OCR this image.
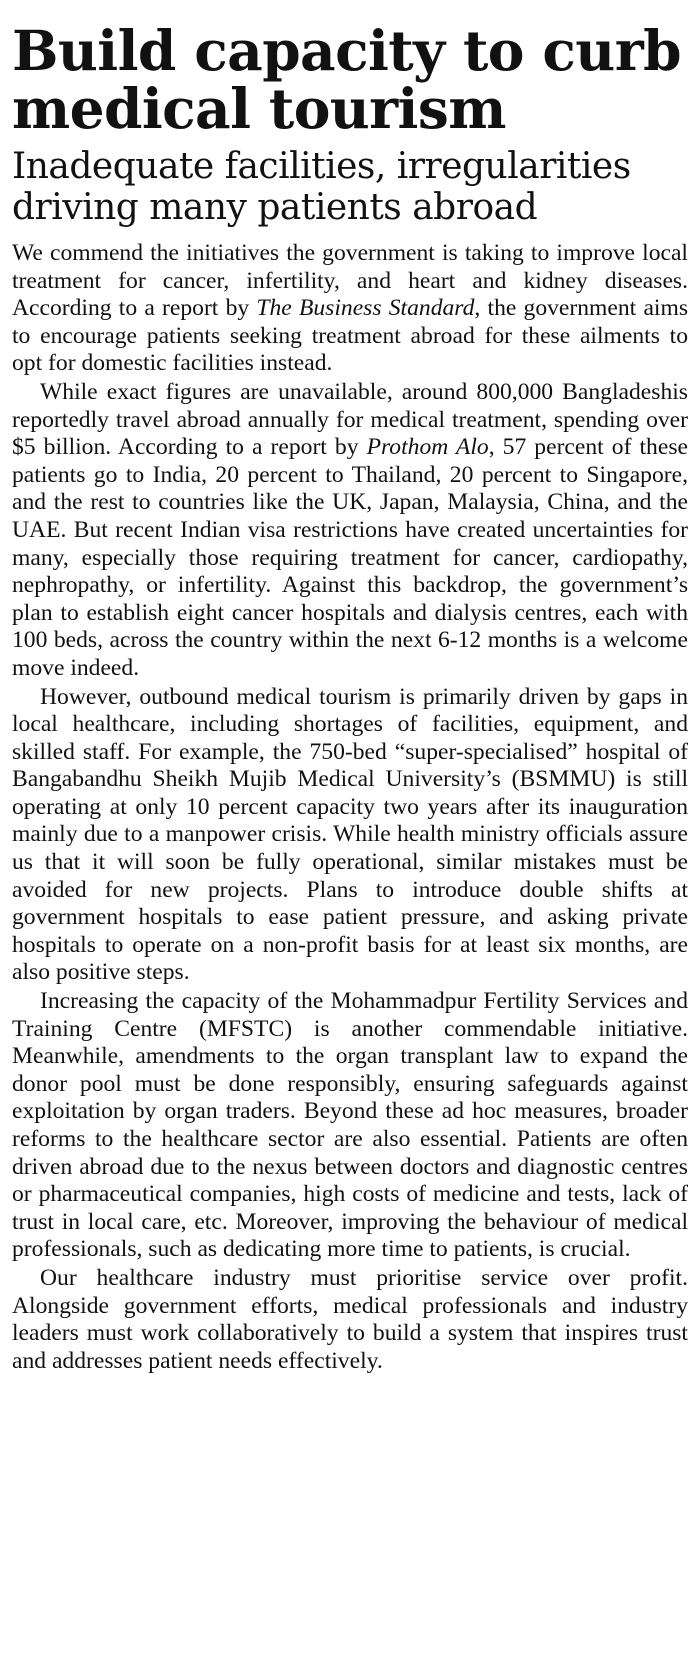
Build capacity to curb medical tourism
Inadequate facilities, irregularities driving many patients abroad

We commend the initiatives the government is taking to improve local treatment for cancer, infertility, and heart and kidney diseases. According to a report by The Business Standard, the government aims to encourage patients seeking treatment abroad for these ailments to opt for domestic facilities instead.

While exact figures are unavailable, around 800,000 Bangladeshis reportedly travel abroad annually for medical treatment, spending over $5 billion. According to a report by Prothom Alo, 57 percent of these patients go to India, 20 percent to Thailand, 20 percent to Singapore, and the rest to countries like the UK, Japan, Malaysia, China, and the UAE. But recent Indian visa restrictions have created uncertainties for many, especially those requiring treatment for cancer, cardiopathy, nephropathy, or infertility. Against this backdrop, the government’s plan to establish eight cancer hospitals and dialysis centres, each with 100 beds, across the country within the next 6-12 months is a welcome move indeed.

However, outbound medical tourism is primarily driven by gaps in local healthcare, including shortages of facilities, equipment, and skilled staff. For example, the 750-bed “super-specialised” hospital of Bangabandhu Sheikh Mujib Medical University’s (BSMMU) is still operating at only 10 percent capacity two years after its inauguration mainly due to a manpower crisis. While health ministry officials assure us that it will soon be fully operational, similar mistakes must be avoided for new projects. Plans to introduce double shifts at government hospitals to ease patient pressure, and asking private hospitals to operate on a non-profit basis for at least six months, are also positive steps.

Increasing the capacity of the Mohammadpur Fertility Services and Training Centre (MFSTC) is another commendable initiative. Meanwhile, amendments to the organ transplant law to expand the donor pool must be done responsibly, ensuring safeguards against exploitation by organ traders. Beyond these ad hoc measures, broader reforms to the healthcare sector are also essential. Patients are often driven abroad due to the nexus between doctors and diagnostic centres or pharmaceutical companies, high costs of medicine and tests, lack of trust in local care, etc. Moreover, improving the behaviour of medical professionals, such as dedicating more time to patients, is crucial.

Our healthcare industry must prioritise service over profit. Alongside government efforts, medical professionals and industry leaders must work collaboratively to build a system that inspires trust and addresses patient needs effectively.
